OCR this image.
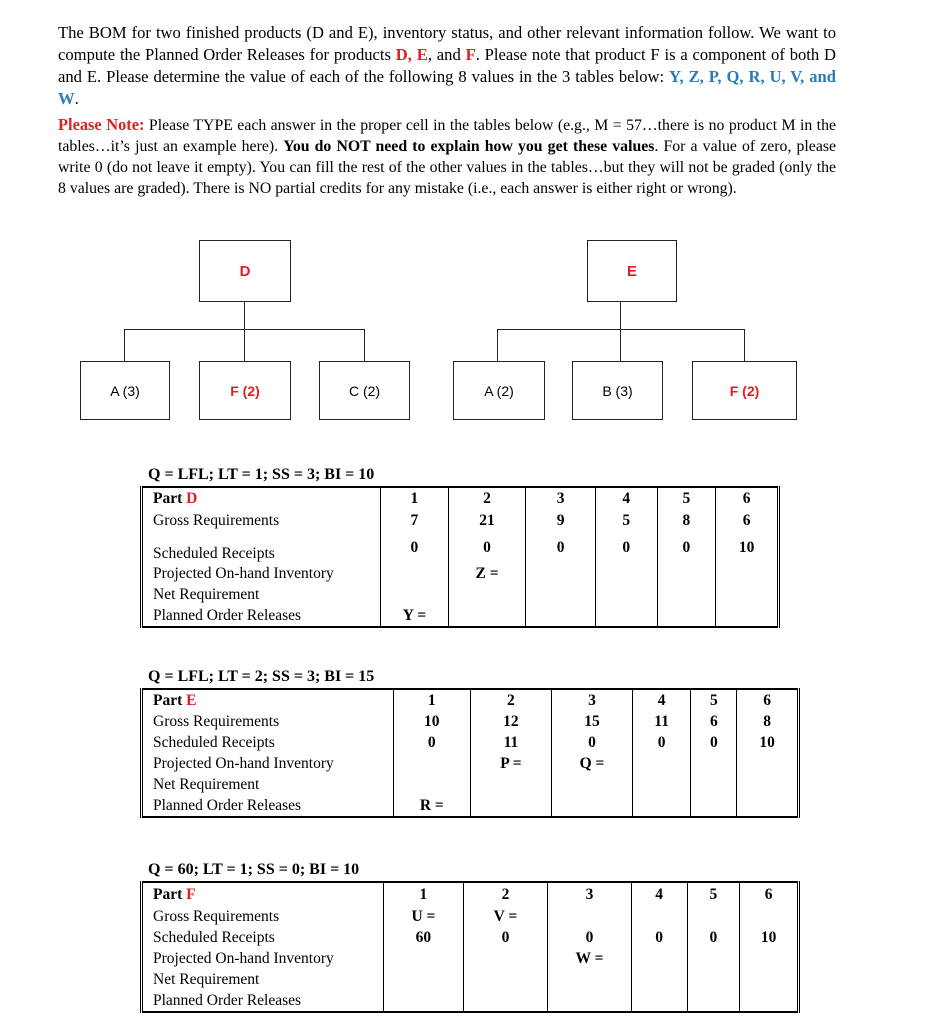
The BOM for two finished products (D and E), inventory status, and other relevant information follow. We want to compute the Planned Order Releases for products D, E, and F. Please note that product F is a component of both D and E. Please determine the value of each of the following 8 values in the 3 tables below: Y, Z, P, Q, R, U, V, and W.
Please Note: Please TYPE each answer in the proper cell in the tables below (e.g., M = 57…there is no product M in the tables…it’s just an example here). You do NOT need to explain how you get these values. For a value of zero, please write 0 (do not leave it empty). You can fill the rest of the other values in the tables…but they will not be graded (only the 8 values are graded). There is NO partial credits for any mistake (i.e., each answer is either right or wrong).
D
A (3)	F (2)	C (2)
E
A (2)	B (3)	F (2)
Q = LFL; LT = 1; SS = 3; BI = 10
Part D	1	2	3	4	5	6
Gross Requirements	7	21	9	5	8	6
Scheduled Receipts	0	0	0	0	0	10
Projected On-hand Inventory		Z =				
Net Requirement						
Planned Order Releases	Y =					
Q = LFL; LT = 2; SS = 3; BI = 15
Part E	1	2	3	4	5	6
Gross Requirements	10	12	15	11	6	8
Scheduled Receipts	0	11	0	0	0	10
Projected On-hand Inventory		P =	Q =			
Net Requirement						
Planned Order Releases	R =					
Q = 60; LT = 1; SS = 0; BI = 10
Part F	1	2	3	4	5	6
Gross Requirements	U =	V =				
Scheduled Receipts	60	0	0	0	0	10
Projected On-hand Inventory			W =			
Net Requirement						
Planned Order Releases						
